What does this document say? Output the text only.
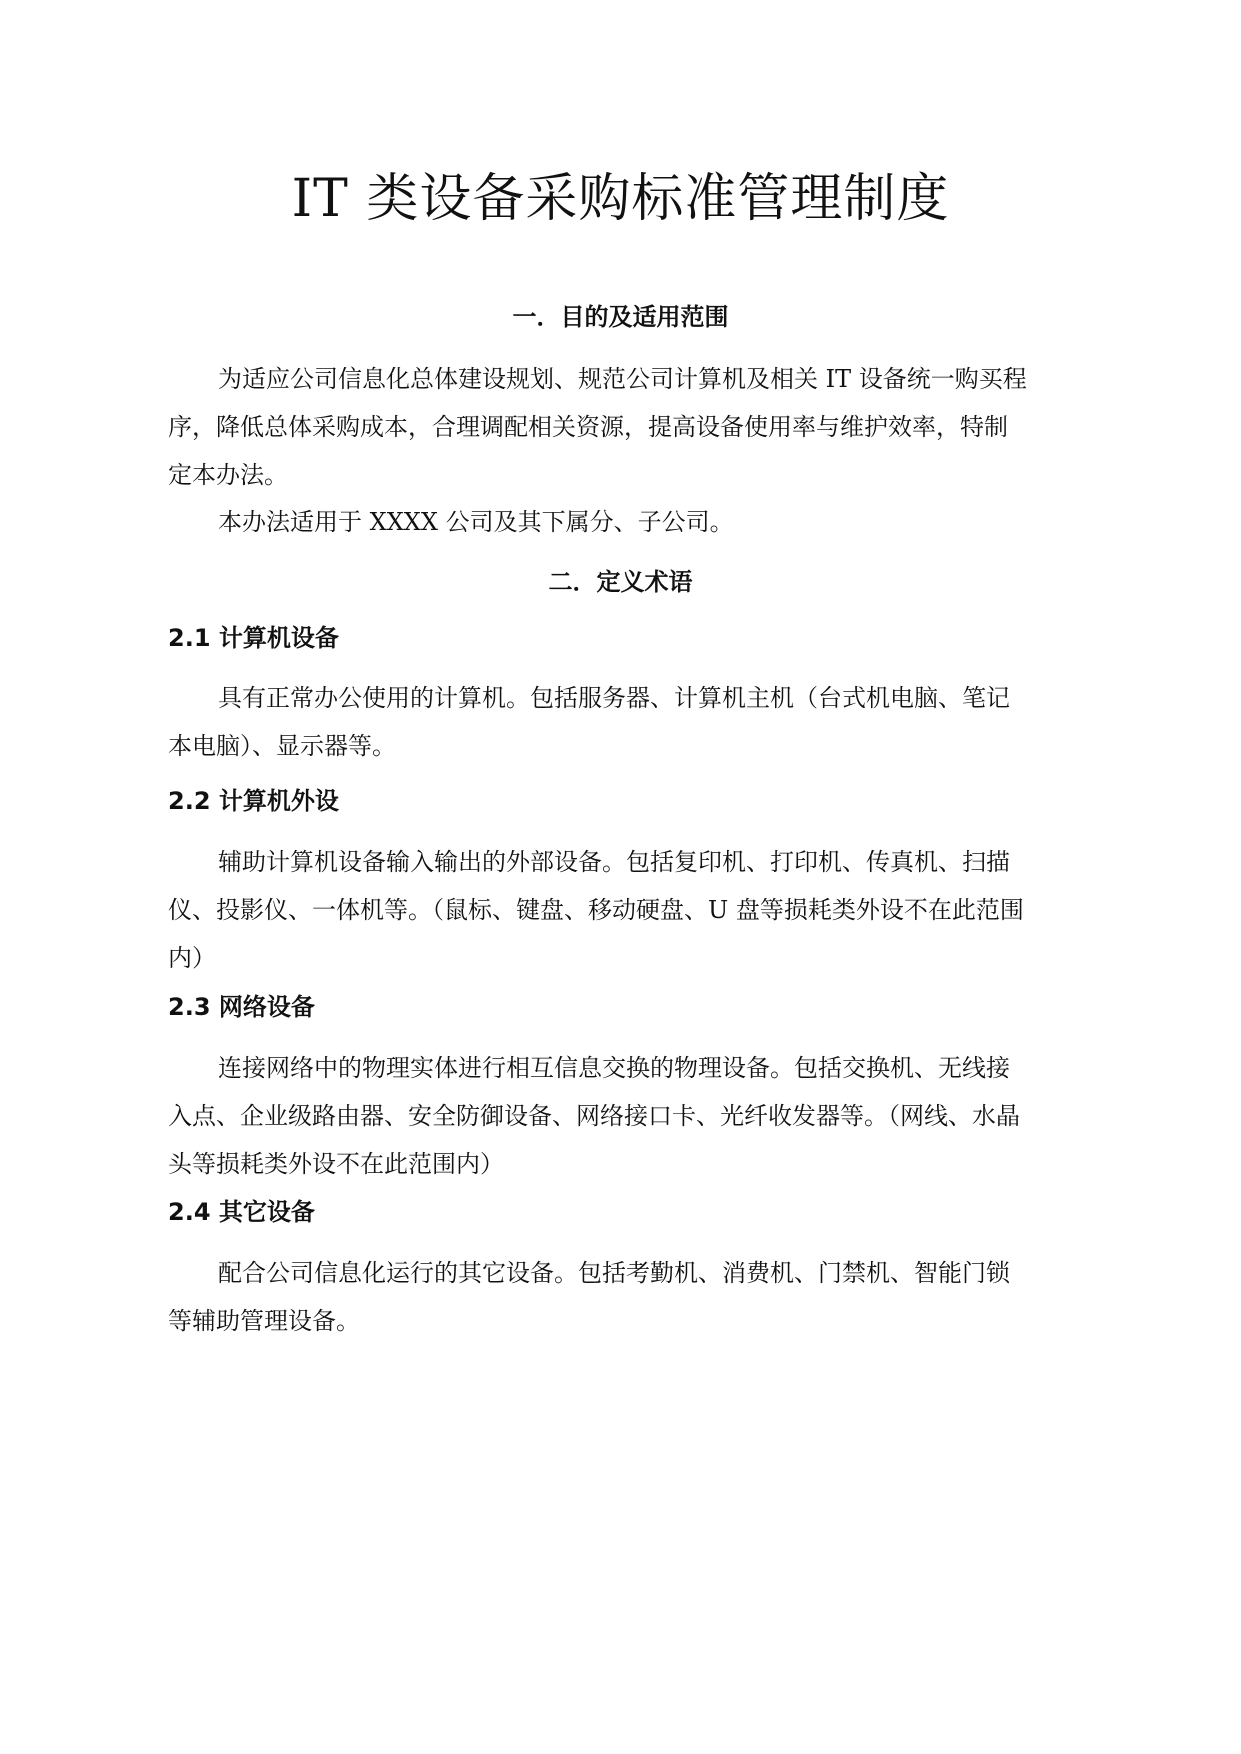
IT 类设备采购标准管理制度
一．目的及适用范围

为适应公司信息化总体建设规划、规范公司计算机及相关 IT 设备统一购买程
序，降低总体采购成本，合理调配相关资源，提高设备使用率与维护效率，特制
定本办法。

本办法适用于 XXXX 公司及其下属分、子公司。

二．定义术语
2.1 计算机设备

具有正常办公使用的计算机。包括服务器、计算机主机（台式机电脑、笔记
本电脑）、显示器等。

2.2 计算机外设

辅助计算机设备输入输出的外部设备。包括复印机、打印机、传真机、扫描
仪、投影仪、一体机等。（鼠标、键盘、移动硬盘、U 盘等损耗类外设不在此范围
内）

2.3 网络设备

连接网络中的物理实体进行相互信息交换的物理设备。包括交换机、无线接
入点、企业级路由器、安全防御设备、网络接口卡、光纤收发器等。（网线、水晶
头等损耗类外设不在此范围内）

2.4 其它设备

配合公司信息化运行的其它设备。包括考勤机、消费机、门禁机、智能门锁
等辅助管理设备。
